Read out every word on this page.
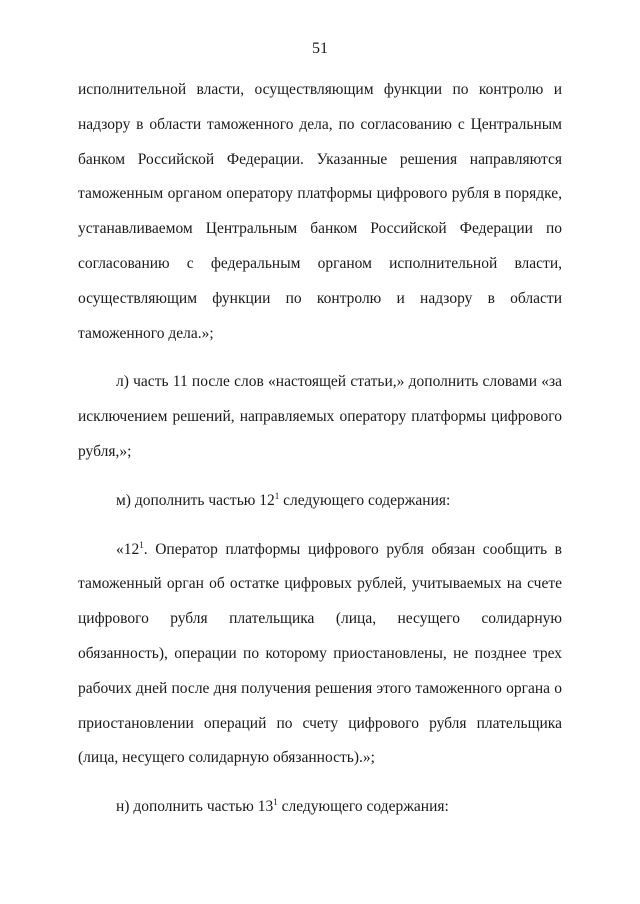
51

исполнительной власти, осуществляющим функции по контролю и надзору в области таможенного дела, по согласованию с Центральным банком Российской Федерации. Указанные решения направляются таможенным органом оператору платформы цифрового рубля в порядке, устанавливаемом Центральным банком Российской Федерации по согласованию с федеральным органом исполнительной власти, осуществляющим функции по контролю и надзору в области таможенного дела.»;

л) часть 11 после слов «настоящей статьи,» дополнить словами «за исключением решений, направляемых оператору платформы цифрового рубля,»;

м) дополнить частью $12^1$ следующего содержания:

«$12^1$. Оператор платформы цифрового рубля обязан сообщить в таможенный орган об остатке цифровых рублей, учитываемых на счете цифрового рубля плательщика (лица, несущего солидарную обязанность), операции по которому приостановлены, не позднее трех рабочих дней после дня получения решения этого таможенного органа о приостановлении операций по счету цифрового рубля плательщика (лица, несущего солидарную обязанность).»;

н) дополнить частью $13^1$ следующего содержания:
